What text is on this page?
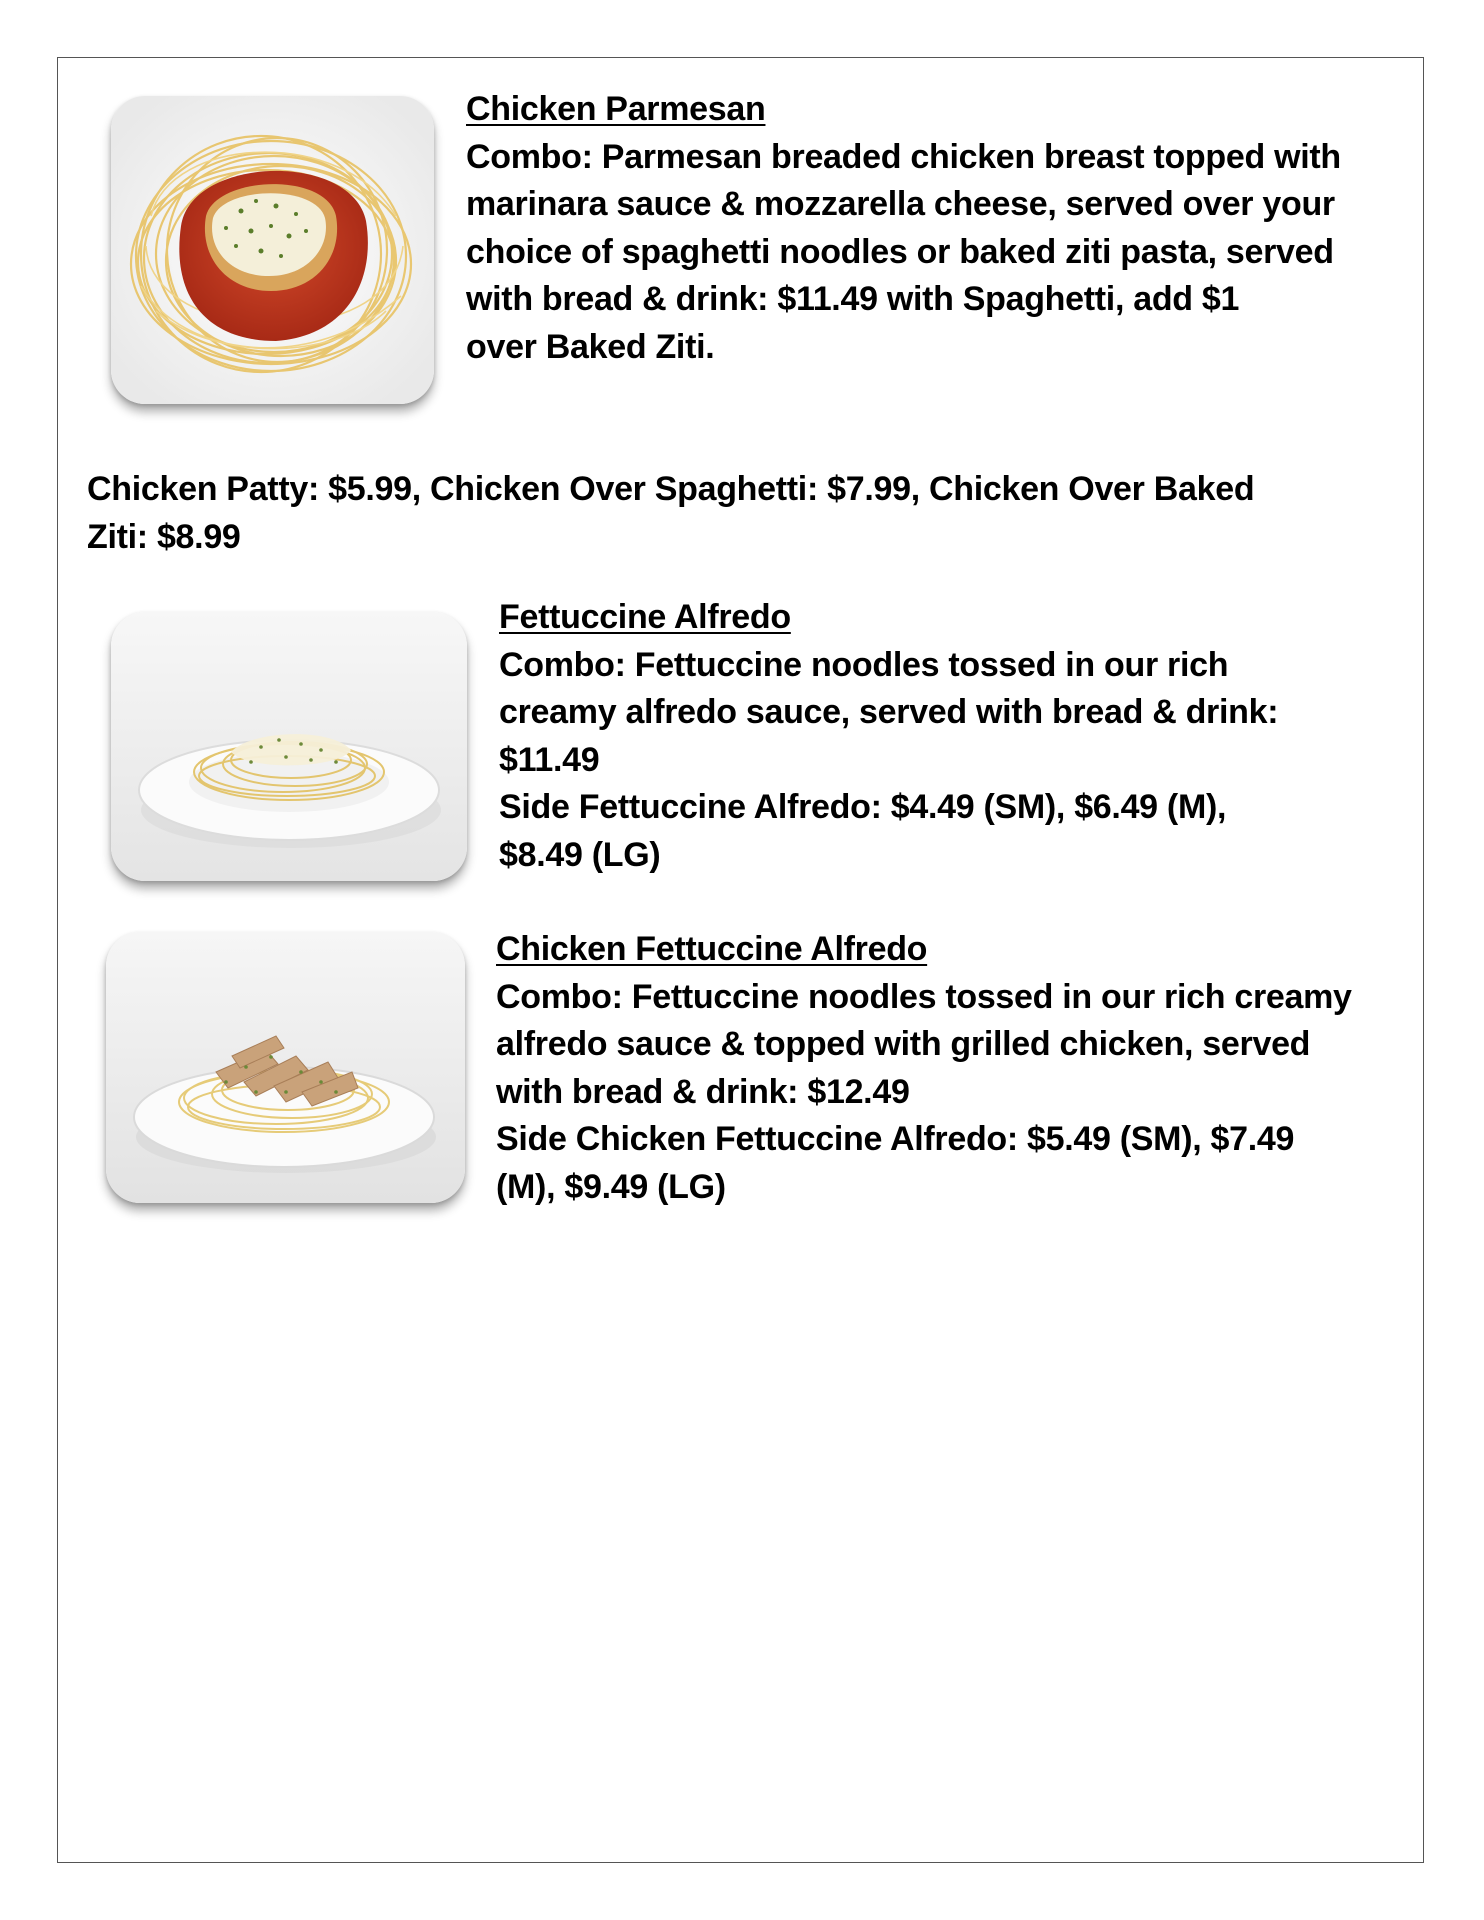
Chicken Parmesan
Combo: Parmesan breaded chicken breast topped with
marinara sauce & mozzarella cheese, served over your
choice of spaghetti noodles or baked ziti pasta, served
with bread & drink: $11.49 with Spaghetti, add $1
over Baked Ziti.
Chicken Patty: $5.99, Chicken Over Spaghetti: $7.99, Chicken Over Baked
Ziti: $8.99
Fettuccine Alfredo
Combo: Fettuccine noodles tossed in our rich
creamy alfredo sauce, served with bread & drink:
$11.49
Side Fettuccine Alfredo: $4.49 (SM), $6.49 (M),
$8.49 (LG)
Chicken Fettuccine Alfredo
Combo: Fettuccine noodles tossed in our rich creamy
alfredo sauce & topped with grilled chicken, served
with bread & drink: $12.49
Side Chicken Fettuccine Alfredo: $5.49 (SM), $7.49
(M), $9.49 (LG)
